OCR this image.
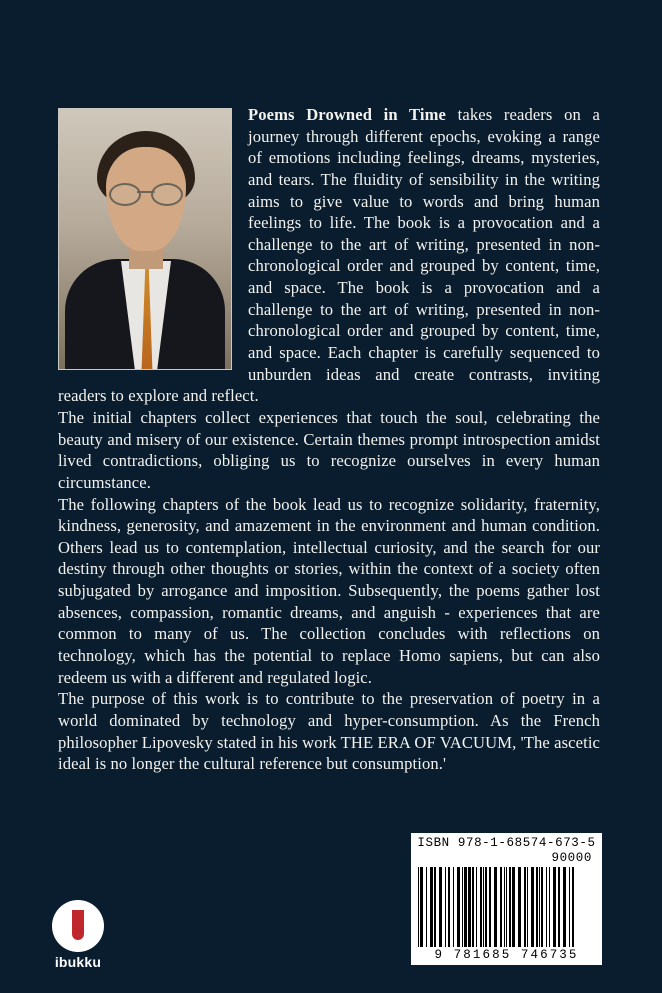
Poems Drowned in Time takes readers on a journey through different epochs, evoking a range of emotions including feelings, dreams, mysteries, and tears. The fluidity of sensibility in the writing aims to give value to words and bring human feelings to life. The book is a provocation and a challenge to the art of writing, presented in non-chronological order and grouped by content, time, and space. The book is a provocation and a challenge to the art of writing, presented in non-chronological order and grouped by content, time, and space. Each chapter is carefully sequenced to unburden ideas and create contrasts, inviting readers to explore and reflect.

The initial chapters collect experiences that touch the soul, celebrating the beauty and misery of our existence. Certain themes prompt introspection amidst lived contradictions, obliging us to recognize ourselves in every human circumstance.

The following chapters of the book lead us to recognize solidarity, fraternity, kindness, generosity, and amazement in the environment and human condition. Others lead us to contemplation, intellectual curiosity, and the search for our destiny through other thoughts or stories, within the context of a society often subjugated by arrogance and imposition. Subsequently, the poems gather lost absences, compassion, romantic dreams, and anguish - experiences that are common to many of us. The collection concludes with reflections on technology, which has the potential to replace Homo sapiens, but can also redeem us with a different and regulated logic.

The purpose of this work is to contribute to the preservation of poetry in a world dominated by technology and hyper-consumption. As the French philosopher Lipovesky stated in his work THE ERA OF VACUUM, 'The ascetic ideal is no longer the cultural reference but consumption.'

ISBN 978-1-68574-673-5
90000
9 781685 746735
ibukku
